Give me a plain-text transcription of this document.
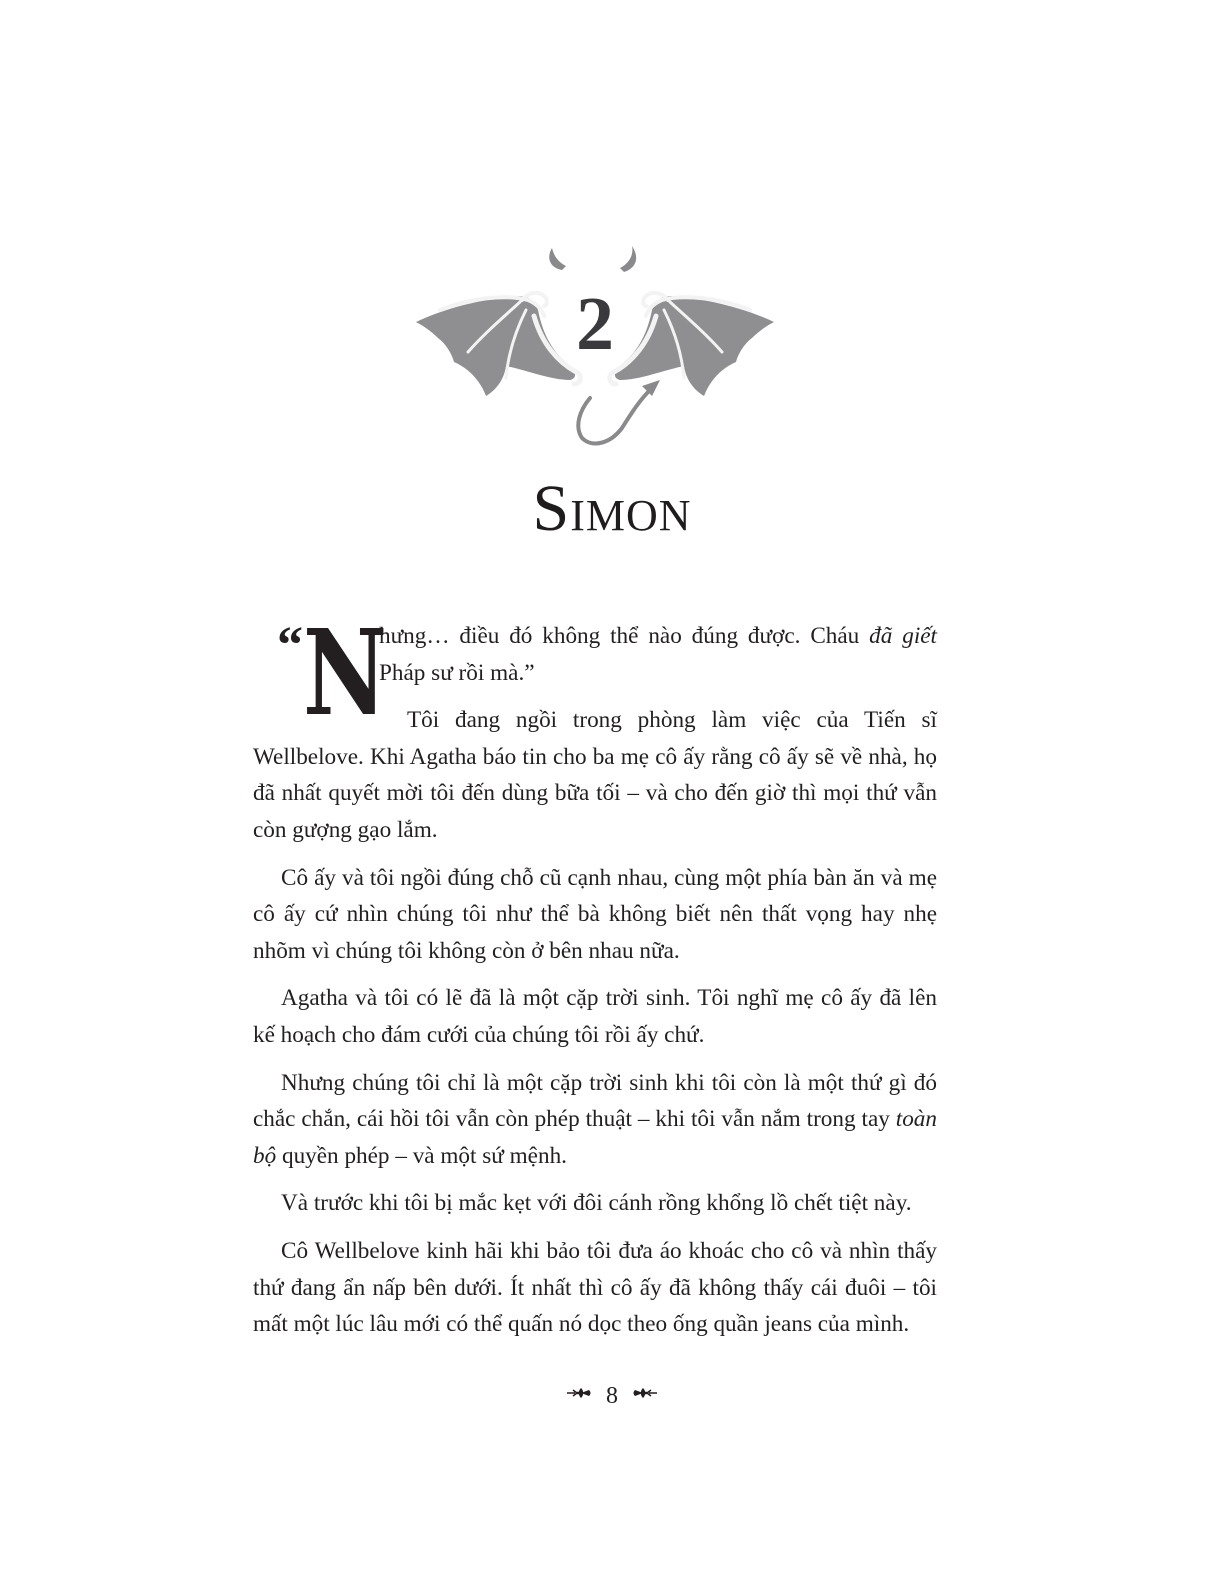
2
SIMON

“ N
hưng… điều đó không thể nào đúng được. Cháu đã giết Pháp sư rồi mà.”

Tôi đang ngồi trong phòng làm việc của Tiến sĩ Wellbelove. Khi Agatha báo tin cho ba mẹ cô ấy rằng cô ấy sẽ về nhà, họ đã nhất quyết mời tôi đến dùng bữa tối – và cho đến giờ thì mọi thứ vẫn còn gượng gạo lắm.

Cô ấy và tôi ngồi đúng chỗ cũ cạnh nhau, cùng một phía bàn ăn và mẹ cô ấy cứ nhìn chúng tôi như thể bà không biết nên thất vọng hay nhẹ nhõm vì chúng tôi không còn ở bên nhau nữa.

Agatha và tôi có lẽ đã là một cặp trời sinh. Tôi nghĩ mẹ cô ấy đã lên kế hoạch cho đám cưới của chúng tôi rồi ấy chứ.

Nhưng chúng tôi chỉ là một cặp trời sinh khi tôi còn là một thứ gì đó chắc chắn, cái hồi tôi vẫn còn phép thuật – khi tôi vẫn nắm trong tay toàn bộ quyền phép – và một sứ mệnh.

Và trước khi tôi bị mắc kẹt với đôi cánh rồng khổng lồ chết tiệt này.

Cô Wellbelove kinh hãi khi bảo tôi đưa áo khoác cho cô và nhìn thấy thứ đang ẩn nấp bên dưới. Ít nhất thì cô ấy đã không thấy cái đuôi – tôi mất một lúc lâu mới có thể quấn nó dọc theo ống quần jeans của mình.

8
